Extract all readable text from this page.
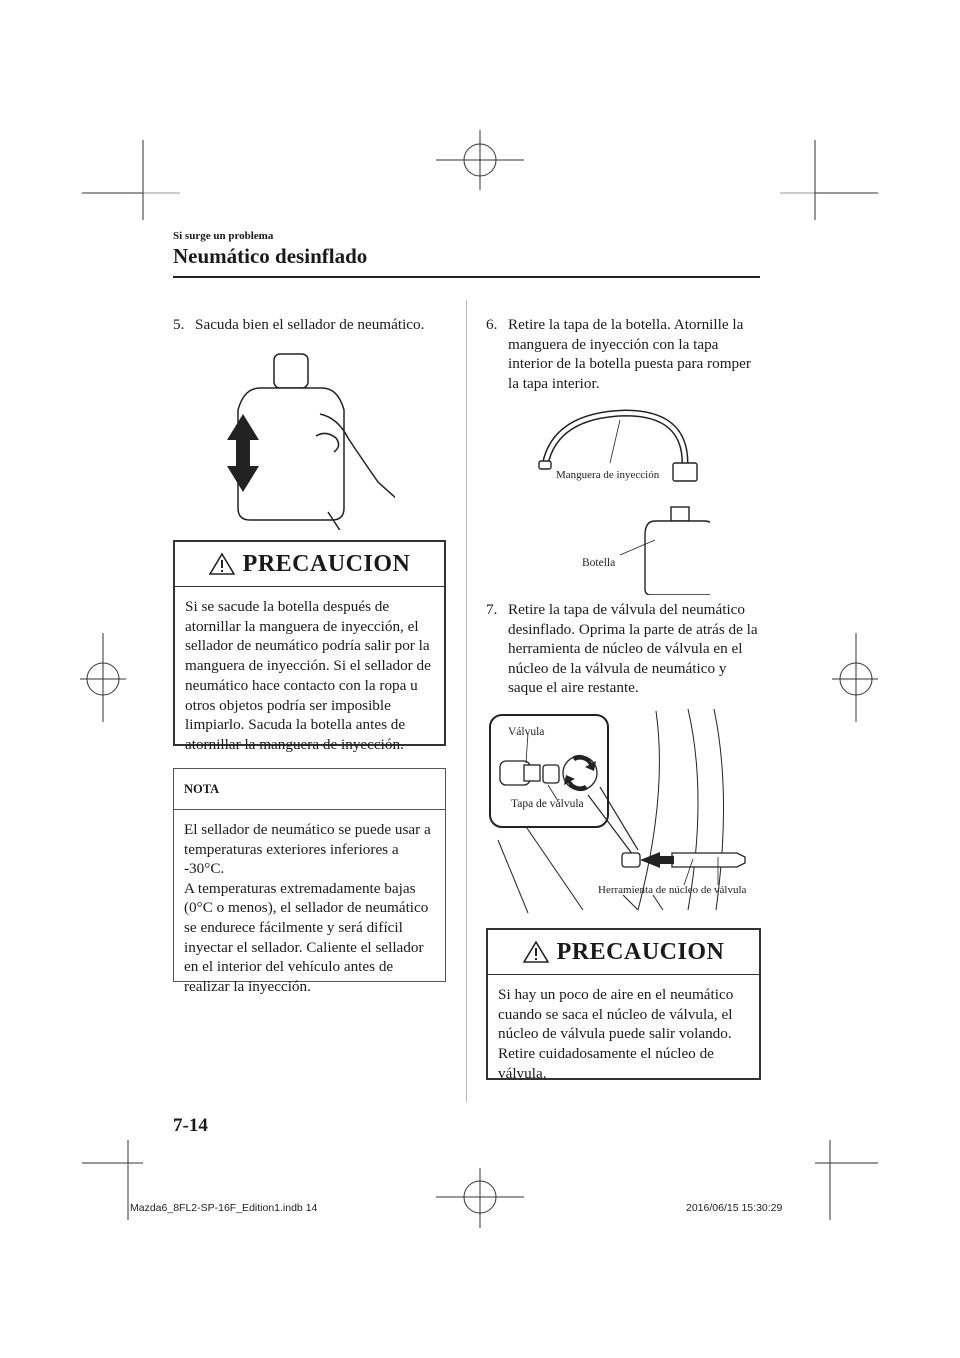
Si surge un problema
Neumático desinflado
5. Sacuda bien el sellador de neumático.
PRECAUCION
Si se sacude la botella después de atornillar la manguera de inyección, el sellador de neumático podría salir por la manguera de inyección. Si el sellador de neumático hace contacto con la ropa u otros objetos podría ser imposible limpiarlo. Sacuda la botella antes de atornillar la manguera de inyección.
NOTA
El sellador de neumático se puede usar a temperaturas exteriores inferiores a -30°C.
A temperaturas extremadamente bajas (0°C o menos), el sellador de neumático se endurece fácilmente y será difícil inyectar el sellador. Caliente el sellador en el interior del vehículo antes de realizar la inyección.
6. Retire la tapa de la botella. Atornille la manguera de inyección con la tapa interior de la botella puesta para romper la tapa interior.
Manguera de inyección
Botella
7. Retire la tapa de válvula del neumático desinflado. Oprima la parte de atrás de la herramienta de núcleo de válvula en el núcleo de la válvula de neumático y saque el aire restante.
Válvula
Tapa de válvula
Herramienta de núcleo de válvula
PRECAUCION
Si hay un poco de aire en el neumático cuando se saca el núcleo de válvula, el núcleo de válvula puede salir volando. Retire cuidadosamente el núcleo de válvula.
7-14
Mazda6_8FL2-SP-16F_Edition1.indb 14	2016/06/15 15:30:29
